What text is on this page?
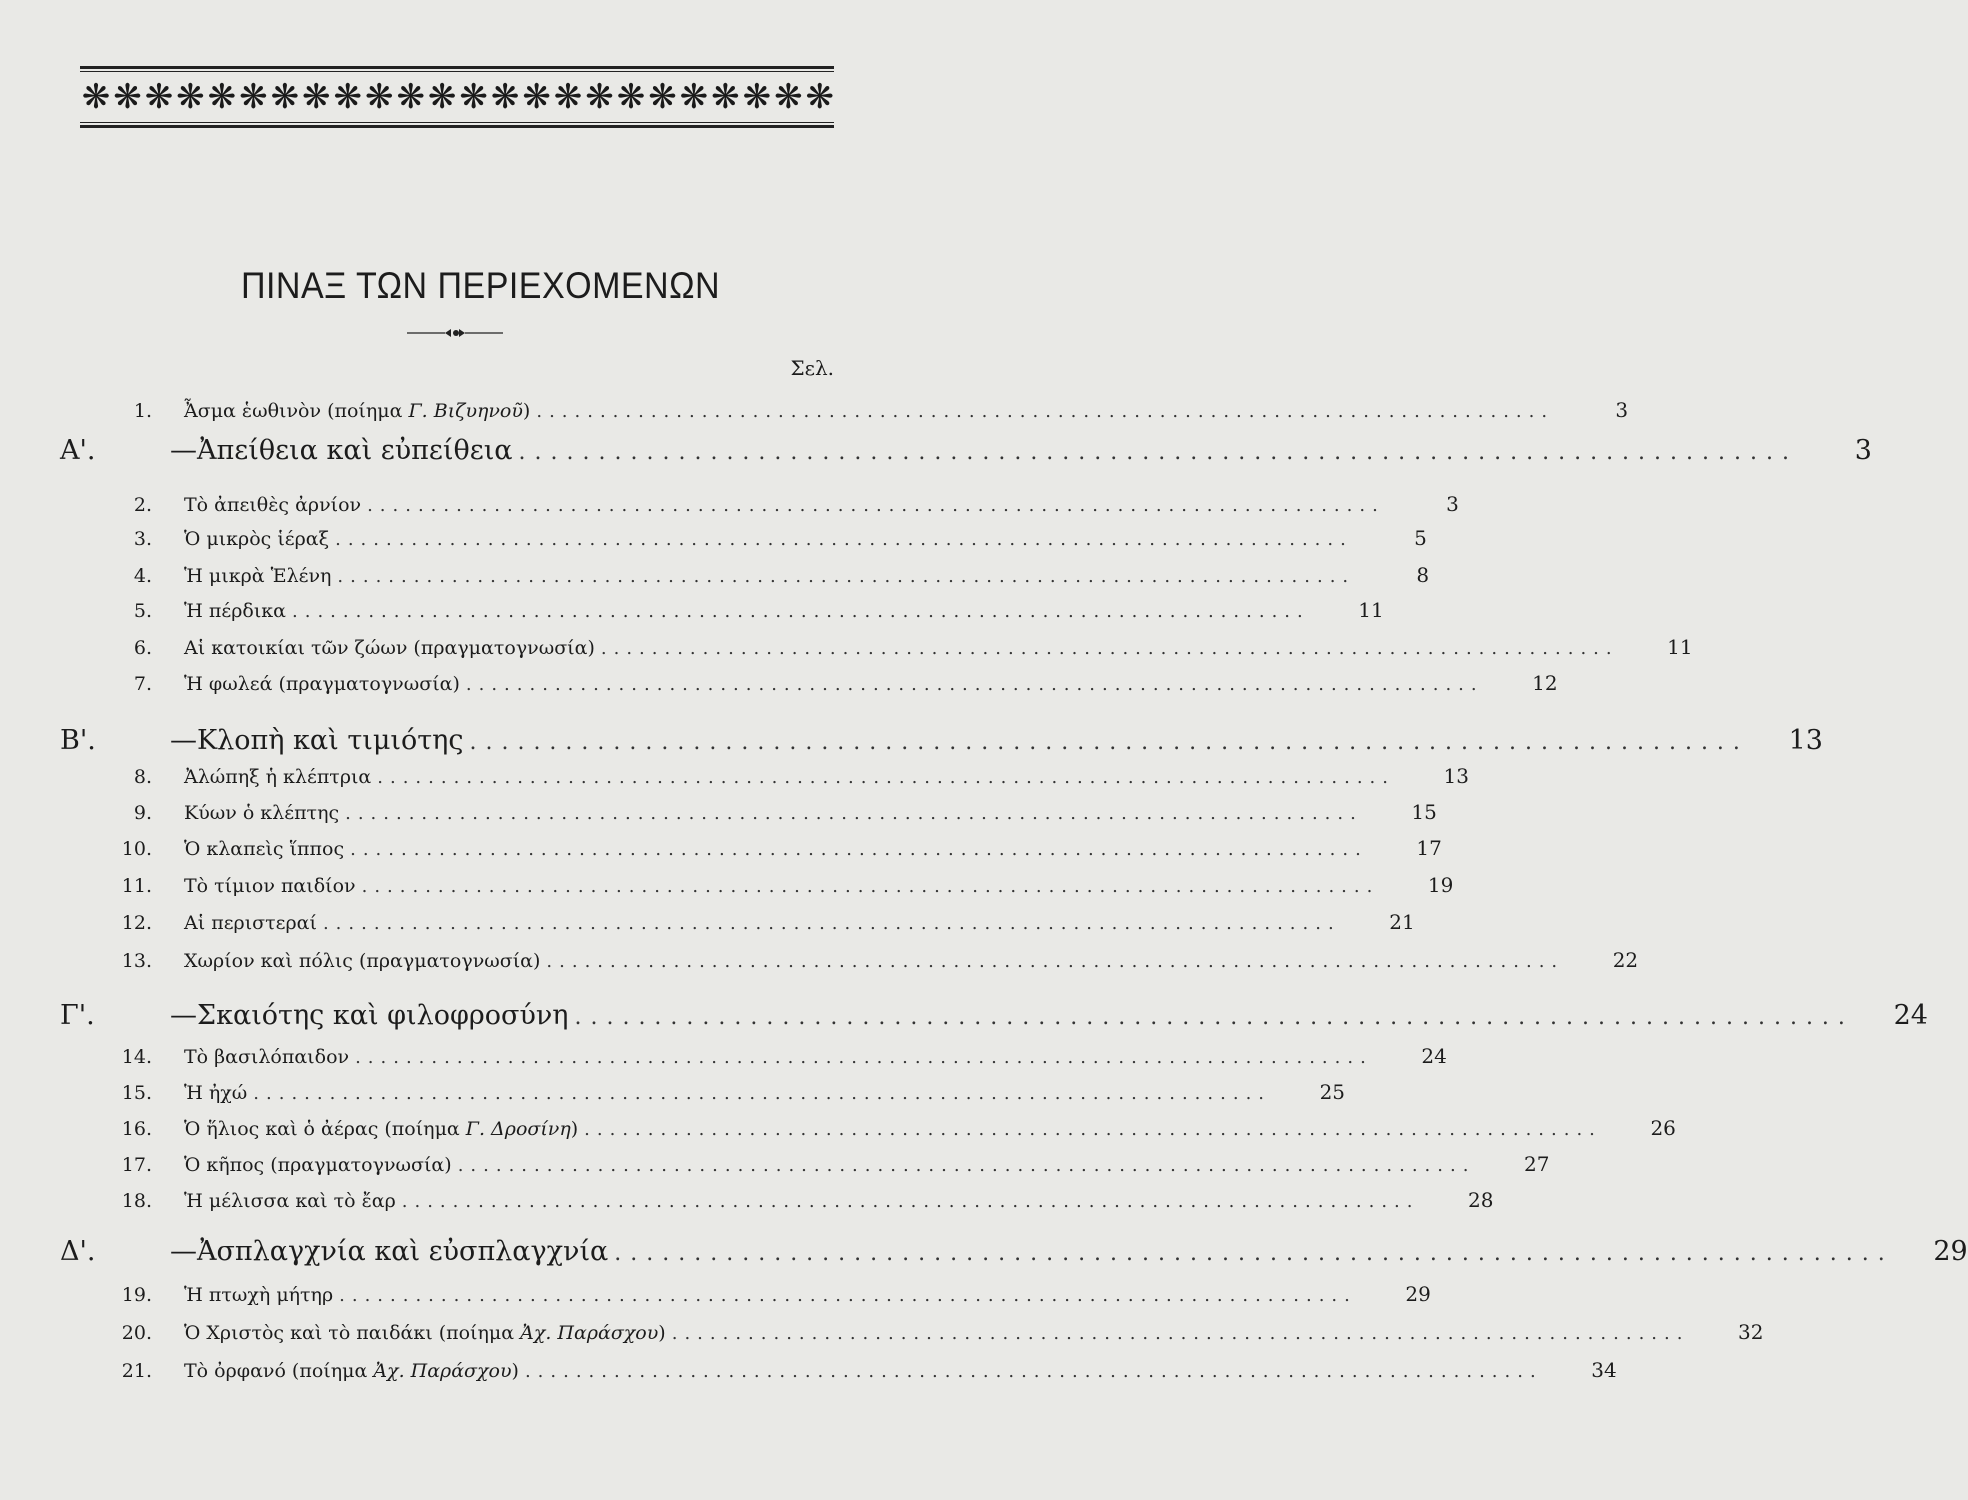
❋ ❋ ❋ ❋ ❋ ❋ ❋ ❋ ❋ ❋ ❋ ❋ ❋ ❋ ❋ ❋ ❋ ❋ ❋ ❋ ❋ ❋ ❋ ❋
ΠΙΝΑΞ ΤΩΝ ΠΕΡΙΕΧΟΜΕΝΩΝ
Σελ.
1.	Ἆσμα ἑωθινὸν (ποίημα Γ. Βιζυηνοῦ) ................................................................................	3
Α'.	—Ἀπείθεια καὶ εὐπείθεια ................................................................................	3
2.	Τὸ ἀπειθὲς ἀρνίον ................................................................................	3
3.	Ὁ μικρὸς ἱέραξ ................................................................................	5
4.	Ἡ μικρὰ Ἑλένη ................................................................................	8
5.	Ἡ πέρδικα ................................................................................	11
6.	Αἱ κατοικίαι τῶν ζώων (πραγματογνωσία) ................................................................................	11
7.	Ἡ φωλεά (πραγματογνωσία) ................................................................................	12
Β'.	—Κλοπὴ καὶ τιμιότης ................................................................................	13
8.	Ἀλώπηξ ἡ κλέπτρια ................................................................................	13
9.	Κύων ὁ κλέπτης ................................................................................	15
10.	Ὁ κλαπεὶς ἵππος ................................................................................	17
11.	Τὸ τίμιον παιδίον ................................................................................	19
12.	Αἱ περιστεραί ................................................................................	21
13.	Χωρίον καὶ πόλις (πραγματογνωσία) ................................................................................	22
Γ'.	—Σκαιότης καὶ φιλοφροσύνη ................................................................................	24
14.	Τὸ βασιλόπαιδον ................................................................................	24
15.	Ἡ ἠχώ ................................................................................	25
16.	Ὁ ἥλιος καὶ ὁ ἀέρας (ποίημα Γ. Δροσίνη) ................................................................................	26
17.	Ὁ κῆπος (πραγματογνωσία) ................................................................................	27
18.	Ἡ μέλισσα καὶ τὸ ἔαρ ................................................................................	28
Δ'.	—Ἀσπλαγχνία καὶ εὐσπλαγχνία ................................................................................	29
19.	Ἡ πτωχὴ μήτηρ ................................................................................	29
20.	Ὁ Χριστὸς καὶ τὸ παιδάκι (ποίημα Ἀχ. Παράσχου) ................................................................................	32
21.	Τὸ ὀρφανό (ποίημα Ἀχ. Παράσχου) ................................................................................	34
